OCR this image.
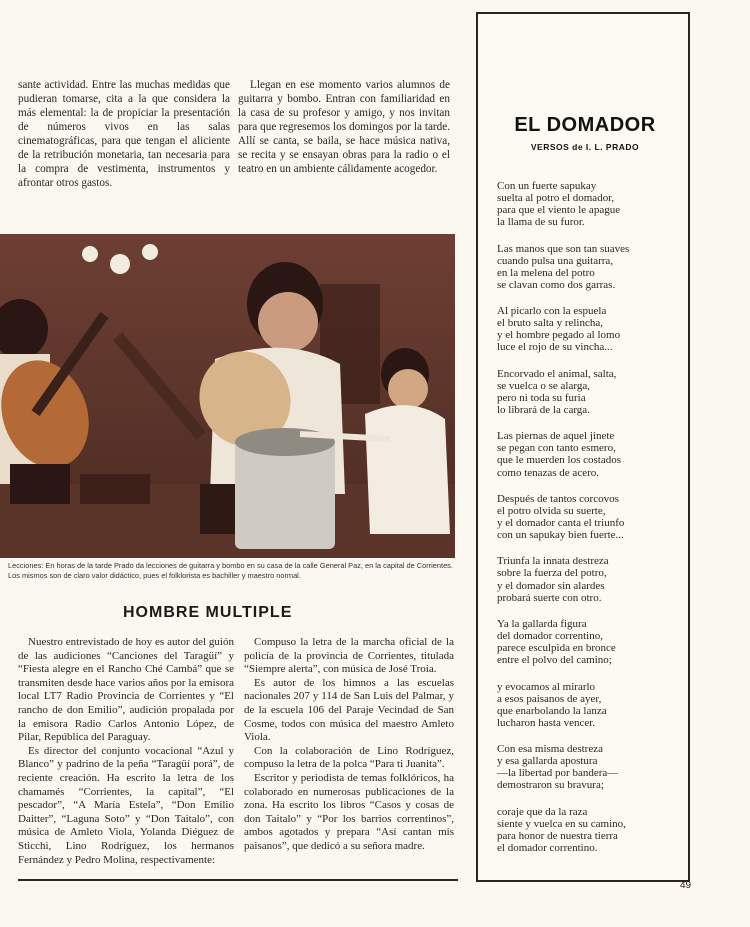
sante actividad. Entre las muchas medidas que pudieran tomarse, cita a la que considera la más elemental: la de propiciar la presentación de números vivos en las salas cinematográficas, para que tengan el aliciente de la retribución monetaria, tan necesaria para la compra de vestimenta, instrumentos y afrontar otros gastos.

Llegan en ese momento varios alumnos de guitarra y bombo. Entran con familiaridad en la casa de su profesor y amigo, y nos invitan para que regresemos los domingos por la tarde. Allí se canta, se baila, se hace música nativa, se recita y se ensayan obras para la radio o el teatro en un ambiente cálidamente acogedor.

Lecciones: En horas de la tarde Prado da lecciones de guitarra y bombo en su casa de la calle General Paz, en la capital de Corrientes. Los mismos son de claro valor didáctico, pues el folklorista es bachiller y maestro normal.

HOMBRE MULTIPLE

Nuestro entrevistado de hoy es autor del guión de las audiciones “Canciones del Taragüí” y “Fiesta alegre en el Rancho Ché Cambá” que se transmiten desde hace varios años por la emisora local LT7 Radio Provincia de Corrientes y “El rancho de don Emilio”, audición propalada por la emisora Radio Carlos Antonio López, de Pilar, República del Paraguay.

Es director del conjunto vocacional “Azul y Blanco” y padrino de la peña “Taragüí porá”, de reciente creación. Ha escrito la letra de los chamamés “Corrientes, la capital”, “El pescador”, “A María Estela”, “Don Emilio Daitter”, “Laguna Soto” y “Don Taitalo”, con música de Amleto Viola, Yolanda Diéguez de Sticchi, Lino Rodríguez, los hermanos Fernández y Pedro Molina, respectivamente:

Compuso la letra de la marcha oficial de la policía de la provincia de Corrientes, titulada “Siempre alerta”, con música de José Troia.

Es autor de los himnos a las escuelas nacionales 207 y 114 de San Luis del Palmar, y de la escuela 106 del Paraje Vecindad de San Cosme, todos con música del maestro Amleto Viola.

Con la colaboración de Lino Rodríguez, compuso la letra de la polca “Para ti Juanita”.

Escritor y periodista de temas folklóricos, ha colaborado en numerosas publicaciones de la zona. Ha escrito los libros “Casos y cosas de don Taitalo” y “Por los barrios correntinos”, ambos agotados y prepara “Así cantan mis paisanos”, que dedicó a su señora madre.

EL DOMADOR
VERSOS de I. L. PRADO
Con un fuerte sapukay
suelta al potro el domador,
para que el viento le apague
la llama de su furor.
Las manos que son tan suaves
cuando pulsa una guitarra,
en la melena del potro
se clavan como dos garras.
Al picarlo con la espuela
el bruto salta y relincha,
y el hombre pegado al lomo
luce el rojo de su vincha...
Encorvado el animal, salta,
se vuelca o se alarga,
pero ni toda su furia
lo librará de la carga.
Las piernas de aquel jinete
se pegan con tanto esmero,
que le muerden los costados
como tenazas de acero.
Después de tantos corcovos
el potro olvida su suerte,
y el domador canta el triunfo
con un sapukay bien fuerte...
Triunfa la innata destreza
sobre la fuerza del potro,
y el domador sin alardes
probará suerte con otro.
Ya la gallarda figura
del domador correntino,
parece esculpida en bronce
entre el polvo del camino;
y evocamos al mirarlo
a esos paisanos de ayer,
que enarbolando la lanza
lucharon hasta vencer.
Con esa misma destreza
y esa gallarda apostura
—la libertad por bandera—
demostraron su bravura;
coraje que da la raza
siente y vuelca en su camino,
para honor de nuestra tierra
el domador correntino.
49
